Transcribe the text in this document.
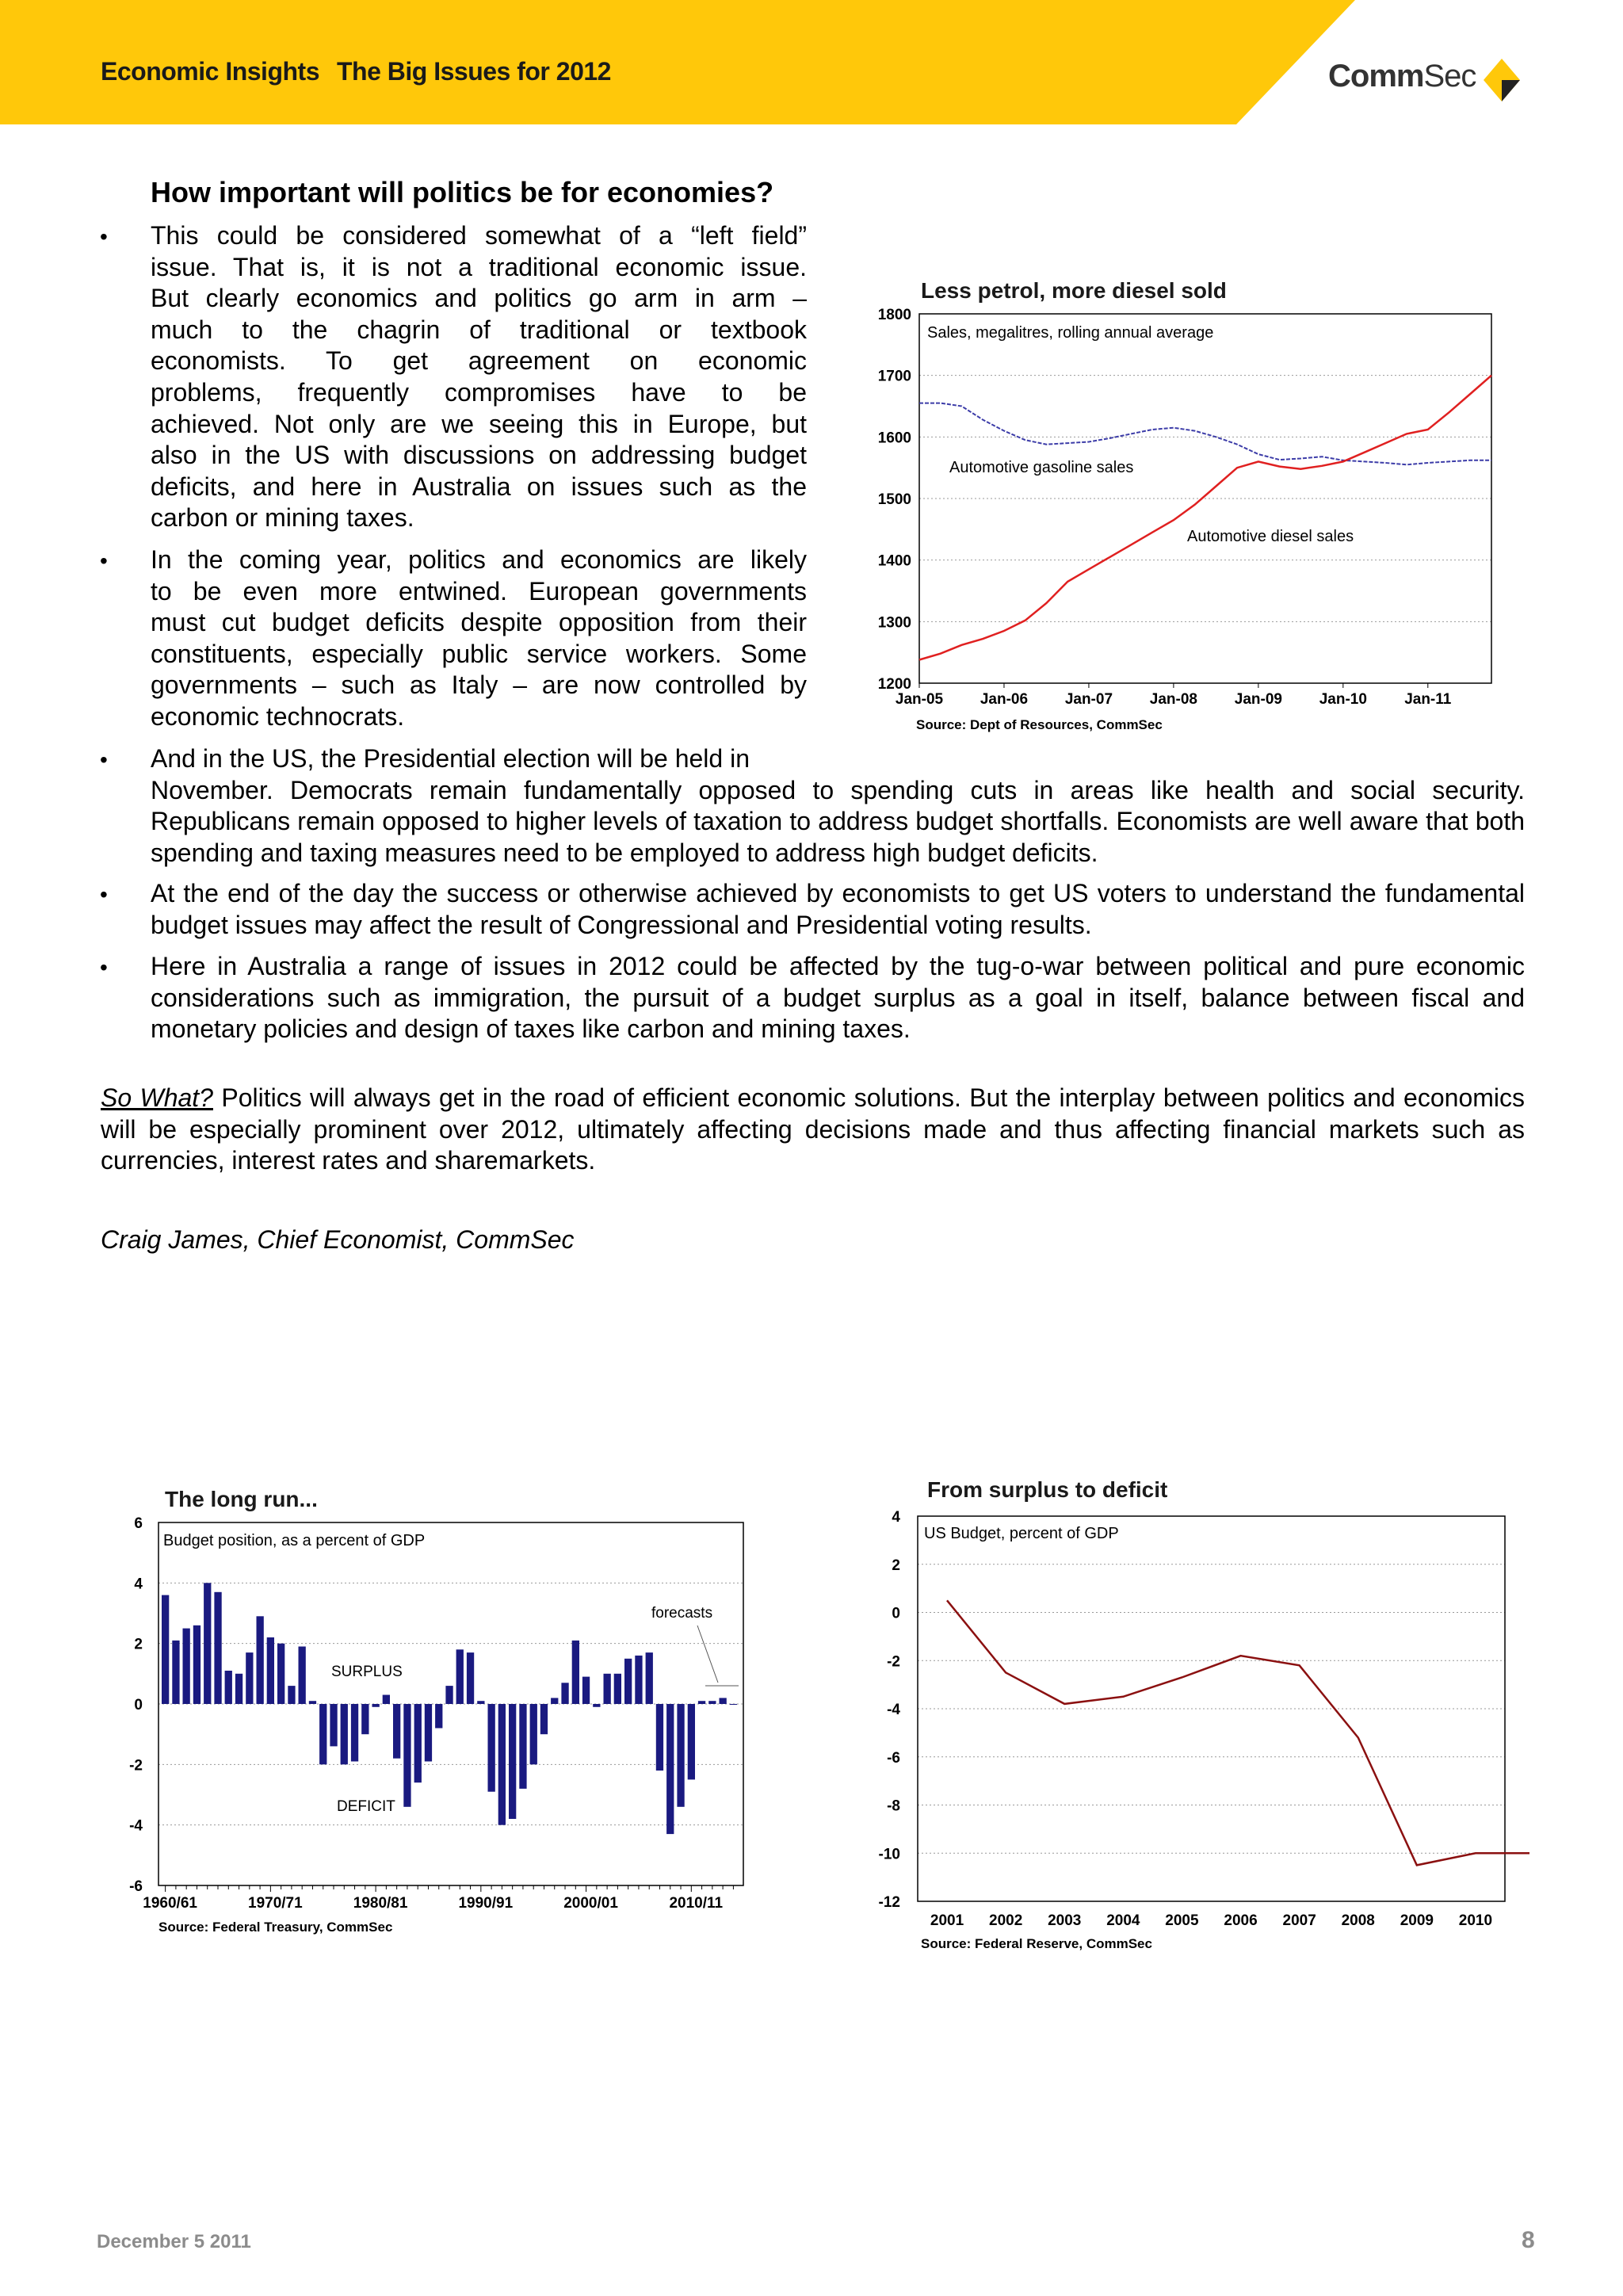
Economic Insights The Big Issues for 2012	CommSec
How important will politics be for economies?
• This could be considered somewhat of a “left field”
issue. That is, it is not a traditional economic issue.
But clearly economics and politics go arm in arm –
much to the chagrin of traditional or textbook
economists. To get agreement on economic
problems, frequently compromises have to be
achieved. Not only are we seeing this in Europe, but
also in the US with discussions on addressing budget
deficits, and here in Australia on issues such as the
carbon or mining taxes.
• In the coming year, politics and economics are likely
to be even more entwined. European governments
must cut budget deficits despite opposition from their
constituents, especially public service workers. Some
governments – such as Italy – are now controlled by
economic technocrats.
• And in the US, the Presidential election will be held in
November. Democrats remain fundamentally opposed to spending cuts in areas like health and social security. Republicans remain opposed to higher levels of taxation to address budget shortfalls. Economists are well aware that both spending and taxing measures need to be employed to address high budget deficits.
• At the end of the day the success or otherwise achieved by economists to get US voters to understand the fundamental budget issues may affect the result of Congressional and Presidential voting results.
• Here in Australia a range of issues in 2012 could be affected by the tug-o-war between political and pure economic considerations such as immigration, the pursuit of a budget surplus as a goal in itself, balance between fiscal and monetary policies and design of taxes like carbon and mining taxes.
So What? Politics will always get in the road of efficient economic solutions. But the interplay between politics and economics will be especially prominent over 2012, ultimately affecting decisions made and thus affecting financial markets such as currencies, interest rates and sharemarkets.
Craig James, Chief Economist, CommSec
Less petrol, more diesel sold
1200
1300
1400
1500
1600
1700
1800
Jan-05 Jan-06 Jan-07 Jan-08 Jan-09 Jan-10 Jan-11
Sales, megalitres, rolling annual average
Automotive gasoline sales
Automotive diesel sales
Source: Dept of Resources, CommSec
The long run...
-6
-4
-2
0
2
4
6
1960/61	1970/71	1980/81	1990/91	2000/01	2010/11
Budget position, as a percent of GDP
SURPLUS
DEFICIT
forecasts
Source: Federal Treasury, CommSec
From surplus to deficit
-12
-10
-8
-6
-4
-2
0
2
4
2001 2002 2003 2004 2005 2006 2007 2008 2009 2010
US Budget, percent of GDP
Source: Federal Reserve, CommSec
December 5 2011	8
